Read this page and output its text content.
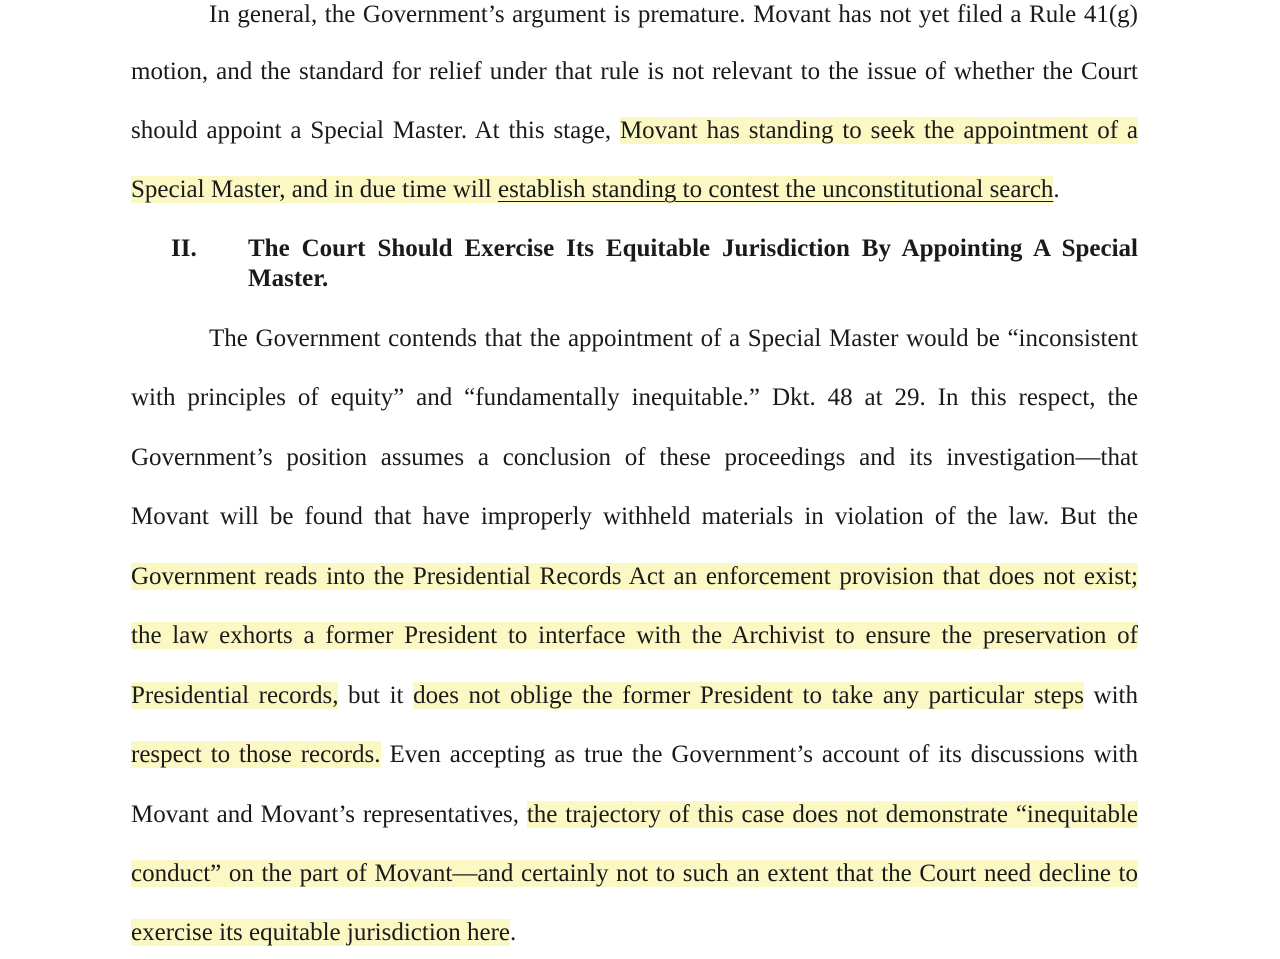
In general, the Government’s argument is premature. Movant has not yet filed a Rule 41(g)
motion, and the standard for relief under that rule is not relevant to the issue of whether the Court
should appoint a Special Master. At this stage, Movant has standing to seek the appointment of a
Special Master, and in due time will establish standing to contest the unconstitutional search.
II. The Court Should Exercise Its Equitable Jurisdiction By Appointing A Special
Master.
The Government contends that the appointment of a Special Master would be “inconsistent
with principles of equity” and “fundamentally inequitable.” Dkt. 48 at 29. In this respect, the
Government’s position assumes a conclusion of these proceedings and its investigation—that
Movant will be found that have improperly withheld materials in violation of the law. But the
Government reads into the Presidential Records Act an enforcement provision that does not exist;
the law exhorts a former President to interface with the Archivist to ensure the preservation of
Presidential records, but it does not oblige the former President to take any particular steps with
respect to those records. Even accepting as true the Government’s account of its discussions with
Movant and Movant’s representatives, the trajectory of this case does not demonstrate “inequitable
conduct” on the part of Movant—and certainly not to such an extent that the Court need decline to
exercise its equitable jurisdiction here.
